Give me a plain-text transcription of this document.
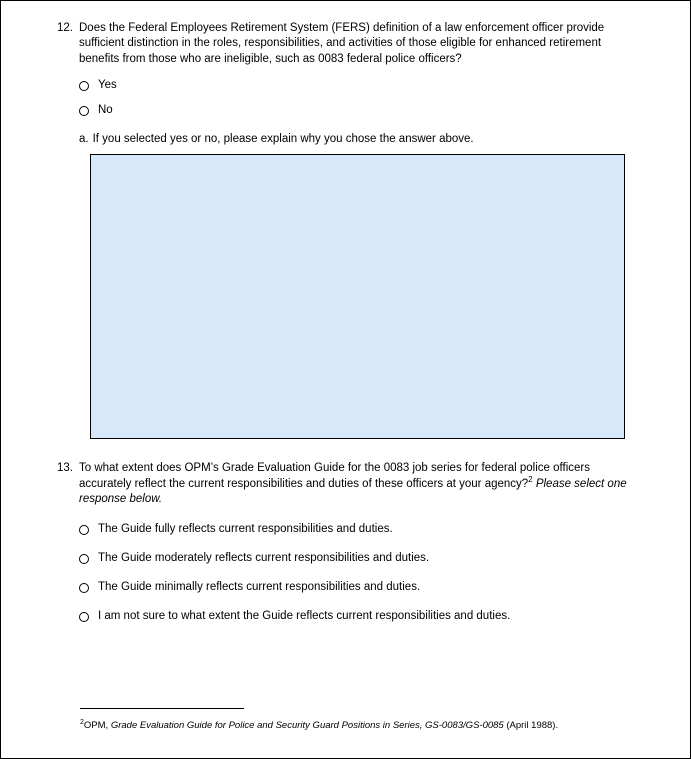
12. Does the Federal Employees Retirement System (FERS) definition of a law enforcement officer provide sufficient distinction in the roles, responsibilities, and activities of those eligible for enhanced retirement benefits from those who are ineligible, such as 0083 federal police officers?
Yes
No
a. If you selected yes or no, please explain why you chose the answer above.
13. To what extent does OPM’s Grade Evaluation Guide for the 0083 job series for federal police officers accurately reflect the current responsibilities and duties of these officers at your agency?$^2$ Please select one response below.
The Guide fully reflects current responsibilities and duties.
The Guide moderately reflects current responsibilities and duties.
The Guide minimally reflects current responsibilities and duties.
I am not sure to what extent the Guide reflects current responsibilities and duties.
$^2$OPM, Grade Evaluation Guide for Police and Security Guard Positions in Series, GS-0083/GS-0085 (April 1988).
